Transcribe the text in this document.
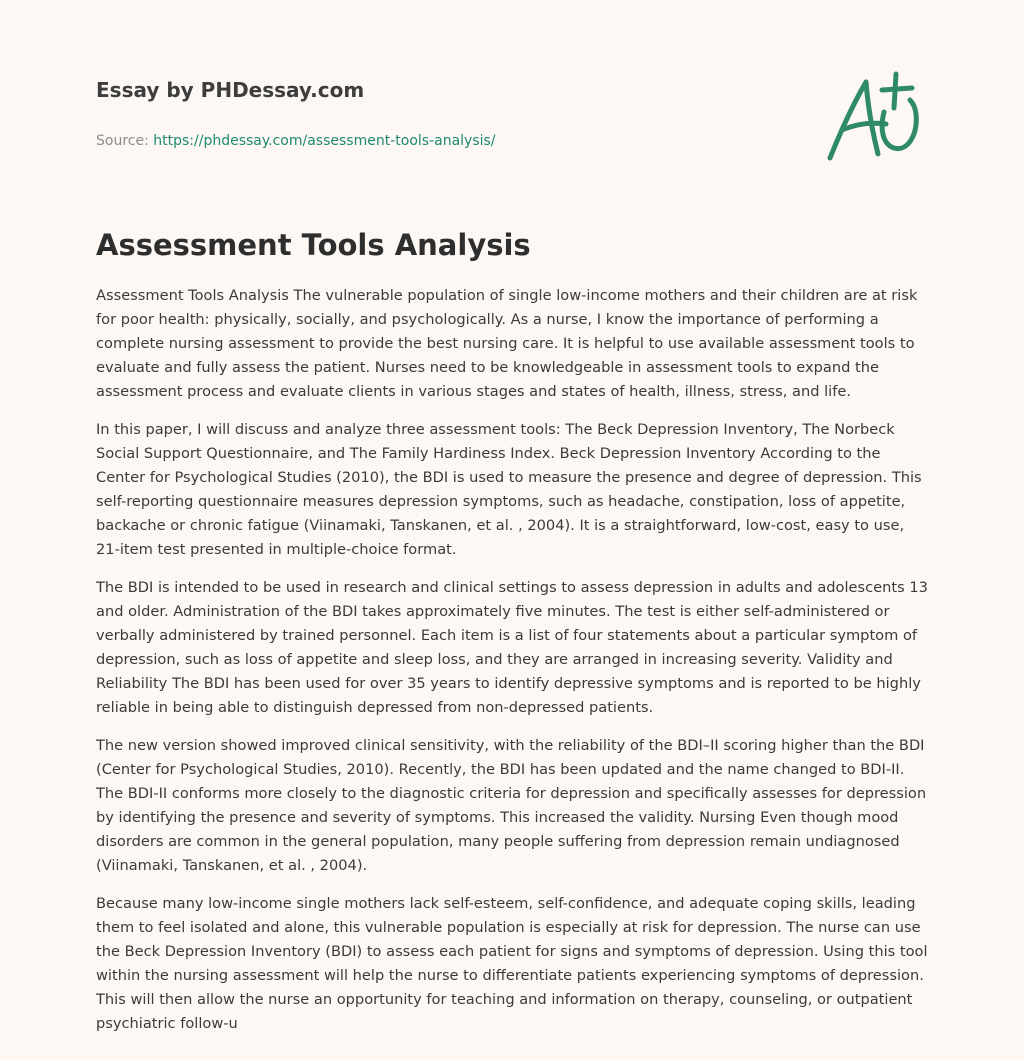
Essay by PHDessay.com
Source: https://phdessay.com/assessment-tools-analysis/
Assessment Tools Analysis

Assessment Tools Analysis The vulnerable population of single low-income mothers and their children are at risk for poor health: physically, socially, and psychologically. As a nurse, I know the importance of performing a complete nursing assessment to provide the best nursing care. It is helpful to use available assessment tools to evaluate and fully assess the patient. Nurses need to be knowledgeable in assessment tools to expand the assessment process and evaluate clients in various stages and states of health, illness, stress, and life.

In this paper, I will discuss and analyze three assessment tools: The Beck Depression Inventory, The Norbeck Social Support Questionnaire, and The Family Hardiness Index. Beck Depression Inventory According to the Center for Psychological Studies (2010), the BDI is used to measure the presence and degree of depression. This self-reporting questionnaire measures depression symptoms, such as headache, constipation, loss of appetite, backache or chronic fatigue (Viinamaki, Tanskanen, et al. , 2004). It is a straightforward, low-cost, easy to use, 21-item test presented in multiple-choice format.

The BDI is intended to be used in research and clinical settings to assess depression in adults and adolescents 13 and older. Administration of the BDI takes approximately five minutes. The test is either self-administered or verbally administered by trained personnel. Each item is a list of four statements about a particular symptom of depression, such as loss of appetite and sleep loss, and they are arranged in increasing severity. Validity and Reliability The BDI has been used for over 35 years to identify depressive symptoms and is reported to be highly reliable in being able to distinguish depressed from non-depressed patients.

The new version showed improved clinical sensitivity, with the reliability of the BDI–II scoring higher than the BDI (Center for Psychological Studies, 2010). Recently, the BDI has been updated and the name changed to BDI-II. The BDI-II conforms more closely to the diagnostic criteria for depression and specifically assesses for depression by identifying the presence and severity of symptoms. This increased the validity. Nursing Even though mood disorders are common in the general population, many people suffering from depression remain undiagnosed (Viinamaki, Tanskanen, et al. , 2004).

Because many low-income single mothers lack self-esteem, self-confidence, and adequate coping skills, leading them to feel isolated and alone, this vulnerable population is especially at risk for depression. The nurse can use the Beck Depression Inventory (BDI) to assess each patient for signs and symptoms of depression. Using this tool within the nursing assessment will help the nurse to differentiate patients experiencing symptoms of depression. This will then allow the nurse an opportunity for teaching and information on therapy, counseling, or outpatient psychiatric follow-u
